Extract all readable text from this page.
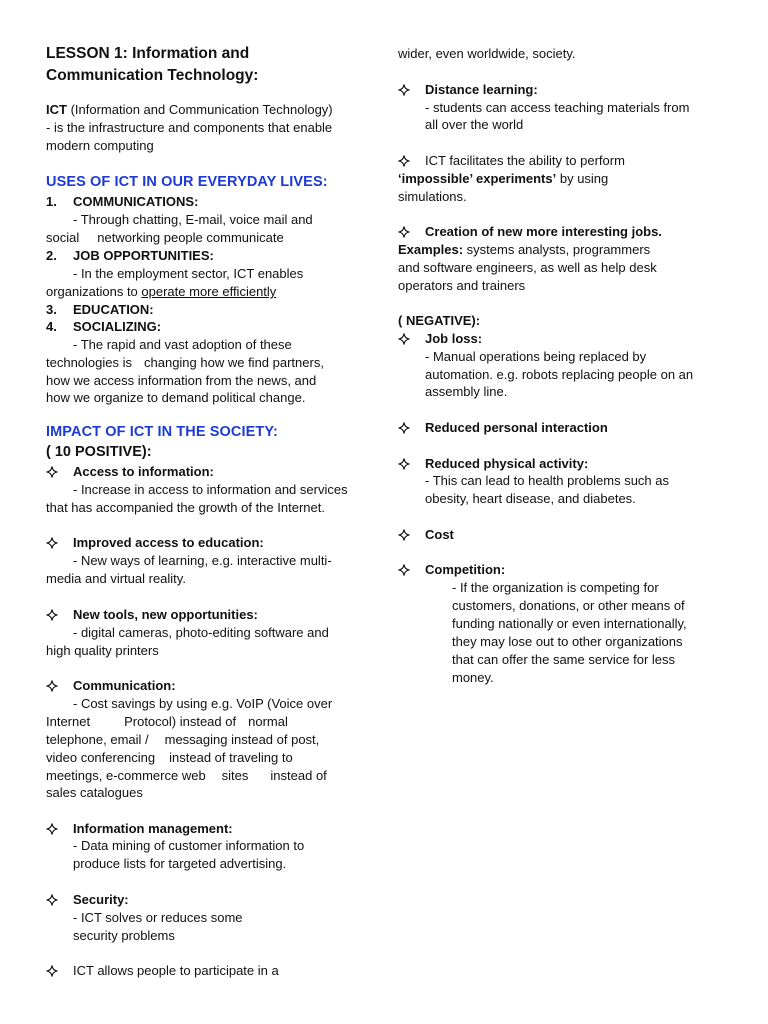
LESSON 1: Information and
Communication Technology:
ICT (Information and Communication Technology)
- is the infrastructure and components that enable
modern computing
USES OF ICT IN OUR EVERYDAY LIVES:
1. COMMUNICATIONS:
- Through chatting, E-mail, voice mail and
social networking people communicate
2. JOB OPPORTUNITIES:
- In the employment sector, ICT enables
organizations to operate more efficiently
3. EDUCATION:
4. SOCIALIZING:
- The rapid and vast adoption of these
technologies is changing how we find partners,
how we access information from the news, and
how we organize to demand political change.
IMPACT OF ICT IN THE SOCIETY:
( 10 POSITIVE):
Access to information:
- Increase in access to information and services
that has accompanied the growth of the Internet.
Improved access to education:
- New ways of learning, e.g. interactive multi-
media and virtual reality.
New tools, new opportunities:
- digital cameras, photo-editing software and
high quality printers
Communication:
- Cost savings by using e.g. VoIP (Voice over
Internet	Protocol) instead of normal
telephone, email / messaging instead of post,
video conferencing instead of traveling to
meetings, e-commerce web sites instead of
sales catalogues
Information management:
- Data mining of customer information to
produce lists for targeted advertising.
Security:
- ICT solves or reduces some
security problems
ICT allows people to participate in a
wider, even worldwide, society.
Distance learning:
- students can access teaching materials from
all over the world
ICT facilitates the ability to perform
‘impossible’ experiments’ by using
simulations.
Creation of new more interesting jobs.
Examples: systems analysts, programmers
and software engineers, as well as help desk
operators and trainers
( NEGATIVE):
Job loss:
- Manual operations being replaced by
automation. e.g. robots replacing people on an
assembly line.
Reduced personal interaction
Reduced physical activity:
- This can lead to health problems such as
obesity, heart disease, and diabetes.
Cost
Competition:
- If the organization is competing for
customers, donations, or other means of
funding nationally or even internationally,
they may lose out to other organizations
that can offer the same service for less
money.
